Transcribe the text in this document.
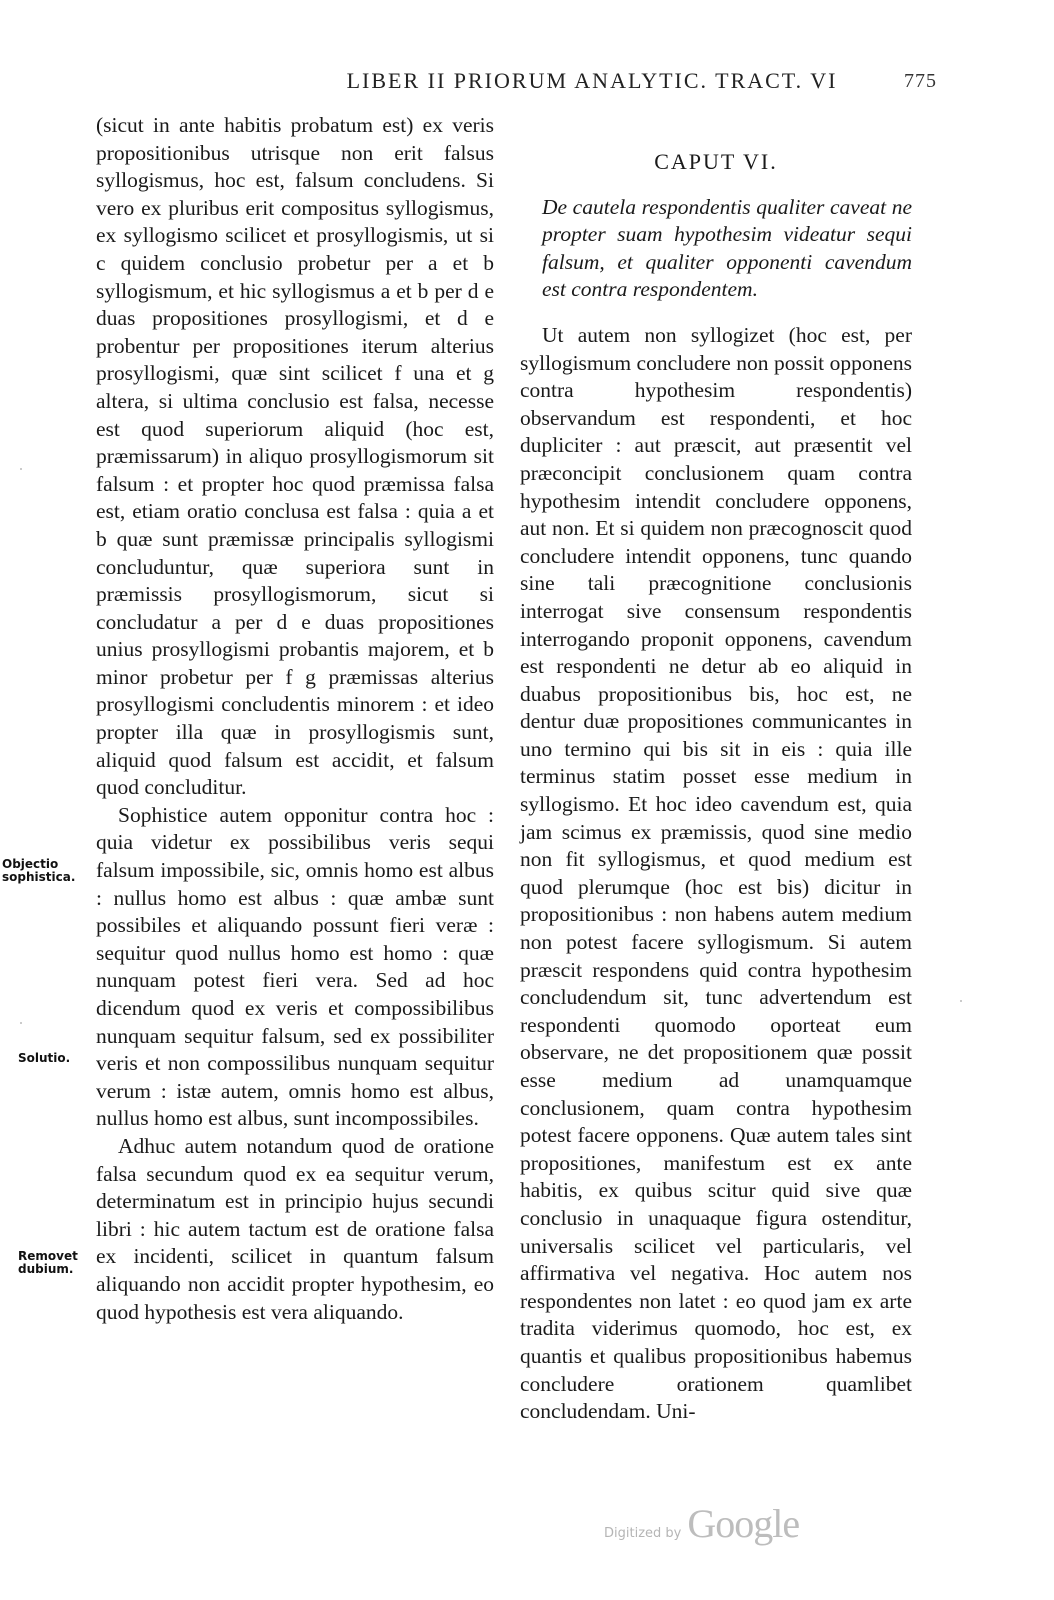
LIBER II PRIORUM ANALYTIC. TRACT. VI	775

(sicut in ante habitis probatum est) ex veris propositionibus utrisque non erit falsus syllogismus, hoc est, falsum concludens. Si vero ex pluribus erit compositus syllogismus, ex syllogismo scilicet et prosyllogismis, ut si c quidem conclusio probetur per a et b syllogismum, et hic syllogismus a et b per d e duas propositiones prosyllogismi, et d e probentur per propositiones iterum alterius prosyllogismi, quæ sint scilicet f una et g altera, si ultima conclusio est falsa, necesse est quod superiorum aliquid (hoc est, præmissarum) in aliquo prosyllogismorum sit falsum : et propter hoc quod præmissa falsa est, etiam oratio conclusa est falsa : quia a et b quæ sunt præmissæ principalis syllogismi concluduntur, quæ superiora sunt in præmissis prosyllogismorum, sicut si concludatur a per d e duas propositiones unius prosyllogismi probantis majorem, et b minor probetur per f g præmissas alterius prosyllogismi concludentis minorem : et ideo propter illa quæ in prosyllogismis sunt, aliquid quod falsum est accidit, et falsum quod concluditur.

Sophistice autem opponitur contra hoc : quia videtur ex possibilibus veris sequi falsum impossibile, sic, omnis homo est albus : nullus homo est albus : quæ ambæ sunt possibiles et aliquando possunt fieri veræ : sequitur quod nullus homo est homo : quæ nunquam potest fieri vera. Sed ad hoc dicendum quod ex veris et compossibilibus nunquam sequitur falsum, sed ex possibiliter veris et non compossilibus nunquam sequitur verum : istæ autem, omnis homo est albus, nullus homo est albus, sunt incompossibiles.

Adhuc autem notandum quod de oratione falsa secundum quod ex ea sequitur verum, determinatum est in principio hujus secundi libri : hic autem tactum est de oratione falsa ex incidenti, scilicet in quantum falsum aliquando non accidit propter hypothesim, eo quod hypothesis est vera aliquando.

Objectio sophistica.
Solutio.
Removet dubium.

CAPUT VI.

De cautela respondentis qualiter caveat ne propter suam hypothesim videatur sequi falsum, et qualiter opponenti cavendum est contra respondentem.

Ut autem non syllogizet (hoc est, per syllogismum concludere non possit opponens contra hypothesim respondentis) observandum est respondenti, et hoc dupliciter : aut præscit, aut præsentit vel præconcipit conclusionem quam contra hypothesim intendit concludere opponens, aut non. Et si quidem non præcognoscit quod concludere intendit opponens, tunc quando sine tali præcognitione conclusionis interrogat sive consensum respondentis interrogando proponit opponens, cavendum est respondenti ne detur ab eo aliquid in duabus propositionibus bis, hoc est, ne dentur duæ propositiones communicantes in uno termino qui bis sit in eis : quia ille terminus statim posset esse medium in syllogismo. Et hoc ideo cavendum est, quia jam scimus ex præmissis, quod sine medio non fit syllogismus, et quod medium est quod plerumque (hoc est bis) dicitur in propositionibus : non habens autem medium non potest facere syllogismum. Si autem præscit respondens quid contra hypothesim concludendum sit, tunc advertendum est respondenti quomodo oporteat eum observare, ne det propositionem quæ possit esse medium ad unamquamque conclusionem, quam contra hypothesim potest facere opponens. Quæ autem tales sint propositiones, manifestum est ex ante habitis, ex quibus scitur quid sive quæ conclusio in unaquaque figura ostenditur, universalis scilicet vel particularis, vel affirmativa vel negativa. Hoc autem nos respondentes non latet : eo quod jam ex arte tradita viderimus quomodo, hoc est, ex quantis et qualibus propositionibus habemus concludere orationem quamlibet concludendam. Uni-

Digitized by Google
